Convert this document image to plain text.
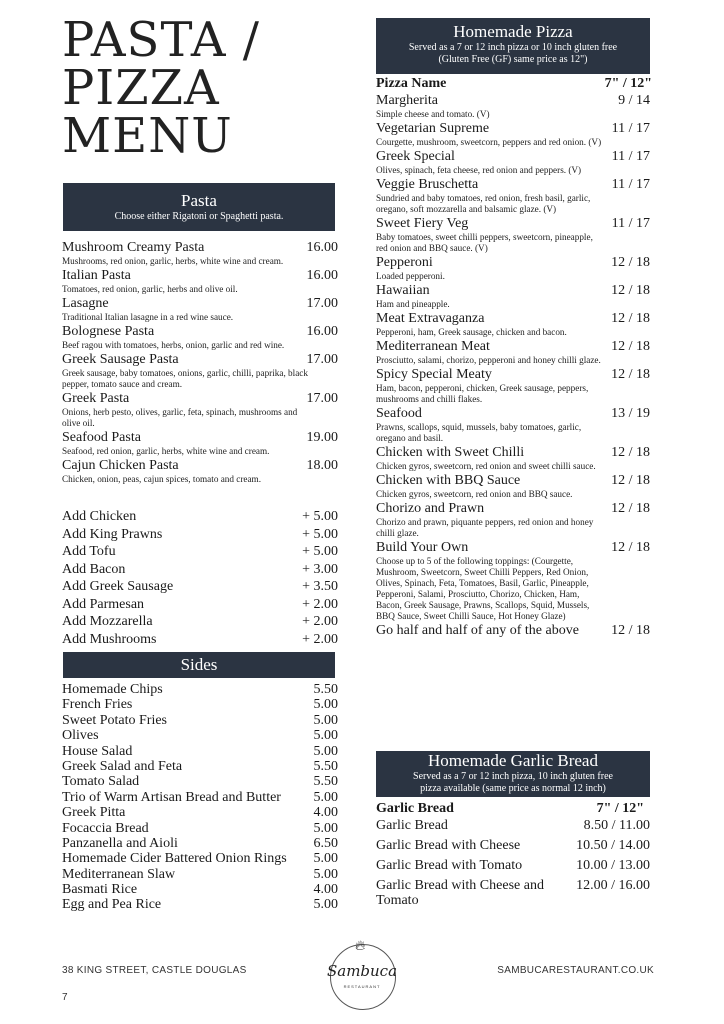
PASTA /
PIZZA
MENU
Pasta
Choose either Rigatoni or Spaghetti pasta.
Mushroom Creamy Pasta	16.00
Mushrooms, red onion, garlic, herbs, white wine and cream.
Italian Pasta	16.00
Tomatoes, red onion, garlic, herbs and olive oil.
Lasagne	17.00
Traditional Italian lasagne in a red wine sauce.
Bolognese Pasta	16.00
Beef ragou with tomatoes, herbs, onion, garlic and red wine.
Greek Sausage Pasta	17.00
Greek sausage, baby tomatoes, onions, garlic, chilli, paprika, black pepper, tomato sauce and cream.
Greek Pasta	17.00
Onions, herb pesto, olives, garlic, feta, spinach, mushrooms and olive oil.
Seafood Pasta	19.00
Seafood, red onion, garlic, herbs, white wine and cream.
Cajun Chicken Pasta	18.00
Chicken, onion, peas, cajun spices, tomato and cream.
Add Chicken	+ 5.00
Add King Prawns	+ 5.00
Add Tofu	+ 5.00
Add Bacon	+ 3.00
Add Greek Sausage	+ 3.50
Add Parmesan	+ 2.00
Add Mozzarella	+ 2.00
Add Mushrooms	+ 2.00
Sides
Homemade Chips	5.50
French Fries	5.00
Sweet Potato Fries	5.00
Olives	5.00
House Salad	5.00
Greek Salad and Feta	5.50
Tomato Salad	5.50
Trio of Warm Artisan Bread and Butter	5.00
Greek Pitta	4.00
Focaccia Bread	5.00
Panzanella and Aioli	6.50
Homemade Cider Battered Onion Rings	5.00
Mediterranean Slaw	5.00
Basmati Rice	4.00
Egg and Pea Rice	5.00
Homemade Pizza
Served as a 7 or 12 inch pizza or 10 inch gluten free (Gluten Free (GF) same price as 12")
Pizza Name	7" / 12"
Margherita	9 / 14
Simple cheese and tomato. (V)
Vegetarian Supreme	11 / 17
Courgette, mushroom, sweetcorn, peppers and red onion. (V)
Greek Special	11 / 17
Olives, spinach, feta cheese, red onion and peppers. (V)
Veggie Bruschetta	11 / 17
Sundried and baby tomatoes, red onion, fresh basil, garlic, oregano, soft mozzarella and balsamic glaze. (V)
Sweet Fiery Veg	11 / 17
Baby tomatoes, sweet chilli peppers, sweetcorn, pineapple, red onion and BBQ sauce. (V)
Pepperoni	12 / 18
Loaded pepperoni.
Hawaiian	12 / 18
Ham and pineapple.
Meat Extravaganza	12 / 18
Pepperoni, ham, Greek sausage, chicken and bacon.
Mediterranean Meat	12 / 18
Prosciutto, salami, chorizo, pepperoni and honey chilli glaze.
Spicy Special Meaty	12 / 18
Ham, bacon, pepperoni, chicken, Greek sausage, peppers, mushrooms and chilli flakes.
Seafood	13 / 19
Prawns, scallops, squid, mussels, baby tomatoes, garlic, oregano and basil.
Chicken with Sweet Chilli	12 / 18
Chicken gyros, sweetcorn, red onion and sweet chilli sauce.
Chicken with BBQ Sauce	12 / 18
Chicken gyros, sweetcorn, red onion and BBQ sauce.
Chorizo and Prawn	12 / 18
Chorizo and prawn, piquante peppers, red onion and honey chilli glaze.
Build Your Own	12 / 18
Choose up to 5 of the following toppings: (Courgette, Mushroom, Sweetcorn, Sweet Chilli Peppers, Red Onion, Olives, Spinach, Feta, Tomatoes, Basil, Garlic, Pineapple, Pepperoni, Salami, Prosciutto, Chorizo, Chicken, Ham, Bacon, Greek Sausage, Prawns, Scallops, Squid, Mussels, BBQ Sauce, Sweet Chilli Sauce, Hot Honey Glaze)
Go half and half of any of the above	12 / 18
Homemade Garlic Bread
Served as a 7 or 12 inch pizza, 10 inch gluten free pizza available (same price as normal 12 inch)
Garlic Bread	7" / 12"
Garlic Bread	8.50 / 11.00
Garlic Bread with Cheese	10.50 / 14.00
Garlic Bread with Tomato	10.00 / 13.00
Garlic Bread with Cheese and Tomato
12.00 / 16.00
38 KING STREET, CASTLE DOUGLAS	SAMBUCARESTAURANT.CO.UK
7
🔥︎
Sambuca
RESTAURANT
